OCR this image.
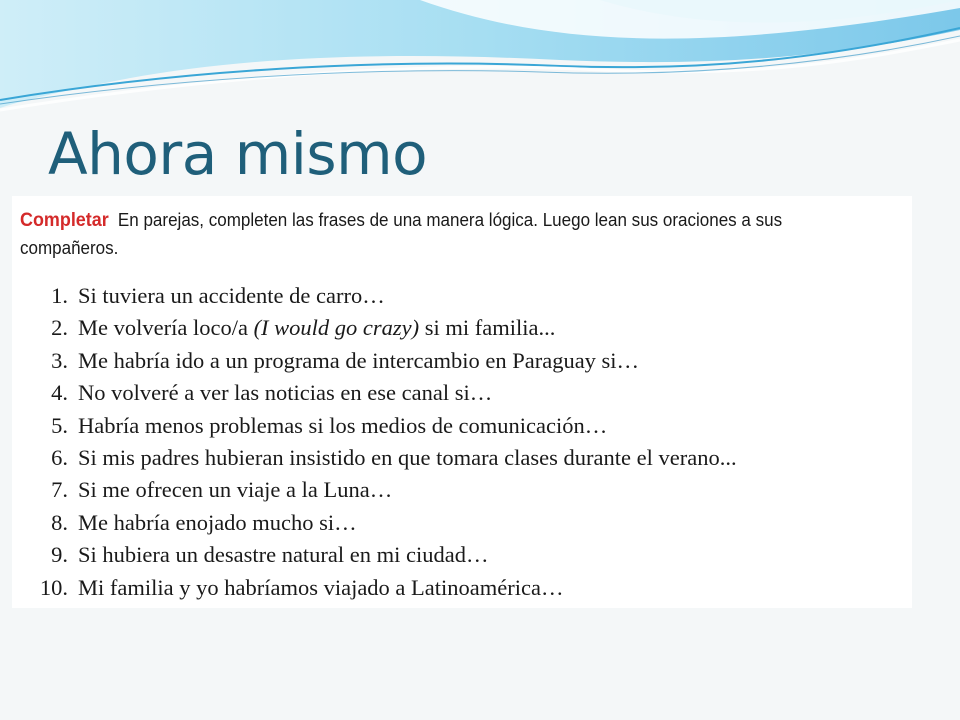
Ahora mismo
Completar En parejas, completen las frases de una manera lógica. Luego lean sus oraciones a sus compañeros.
1. Si tuviera un accidente de carro…
2. Me volvería loco/a (I would go crazy) si mi familia...
3. Me habría ido a un programa de intercambio en Paraguay si…
4. No volveré a ver las noticias en ese canal si…
5. Habría menos problemas si los medios de comunicación…
6. Si mis padres hubieran insistido en que tomara clases durante el verano...
7. Si me ofrecen un viaje a la Luna…
8. Me habría enojado mucho si…
9. Si hubiera un desastre natural en mi ciudad…
10. Mi familia y yo habríamos viajado a Latinoamérica…
